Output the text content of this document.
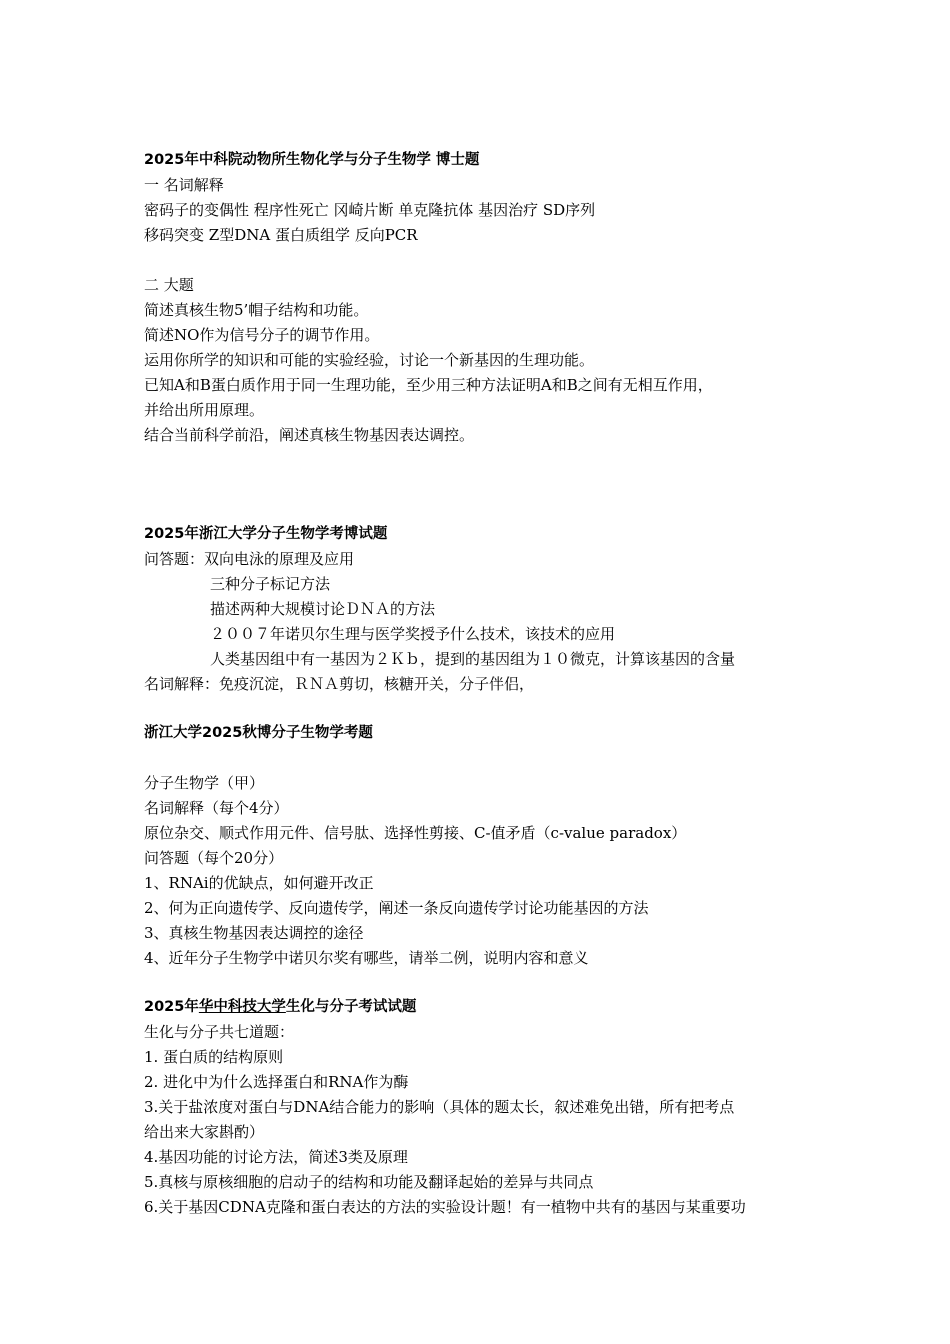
2025年中科院动物所生物化学与分子生物学 博士题
一 名词解释
密码子的变偶性 程序性死亡 冈崎片断 单克隆抗体 基因治疗 SD序列
移码突变 Z型DNA 蛋白质组学 反向PCR
二 大题
简述真核生物5’帽子结构和功能。
简述NO作为信号分子的调节作用。
运用你所学的知识和可能的实验经验，讨论一个新基因的生理功能。
已知A和B蛋白质作用于同一生理功能，至少用三种方法证明A和B之间有无相互作用，
并给出所用原理。
结合当前科学前沿，阐述真核生物基因表达调控。
2025年浙江大学分子生物学考博试题
问答题：双向电泳的原理及应用
三种分子标记方法
描述两种大规模讨论ＤＮＡ的方法
２００７年诺贝尔生理与医学奖授予什么技术，该技术的应用
人类基因组中有一基因为２Ｋｂ，提到的基因组为１０微克，计算该基因的含量
名词解释：免疫沉淀，ＲＮＡ剪切，核糖开关，分子伴侣，
浙江大学2025秋博分子生物学考题
分子生物学（甲）
名词解释（每个4分）
原位杂交、顺式作用元件、信号肽、选择性剪接、C-值矛盾（c-value paradox）
问答题（每个20分）
1、RNAi的优缺点，如何避开改正
2、何为正向遗传学、反向遗传学，阐述一条反向遗传学讨论功能基因的方法
3、真核生物基因表达调控的途径
4、近年分子生物学中诺贝尔奖有哪些，请举二例，说明内容和意义
2025年华中科技大学生化与分子考试试题
生化与分子共七道题：
1. 蛋白质的结构原则
2. 进化中为什么选择蛋白和RNA作为酶
3.关于盐浓度对蛋白与DNA结合能力的影响（具体的题太长，叙述难免出错，所有把考点
给出来大家斟酌）
4.基因功能的讨论方法，简述3类及原理
5.真核与原核细胞的启动子的结构和功能及翻译起始的差异与共同点
6.关于基因CDNA克隆和蛋白表达的方法的实验设计题！有一植物中共有的基因与某重要功
